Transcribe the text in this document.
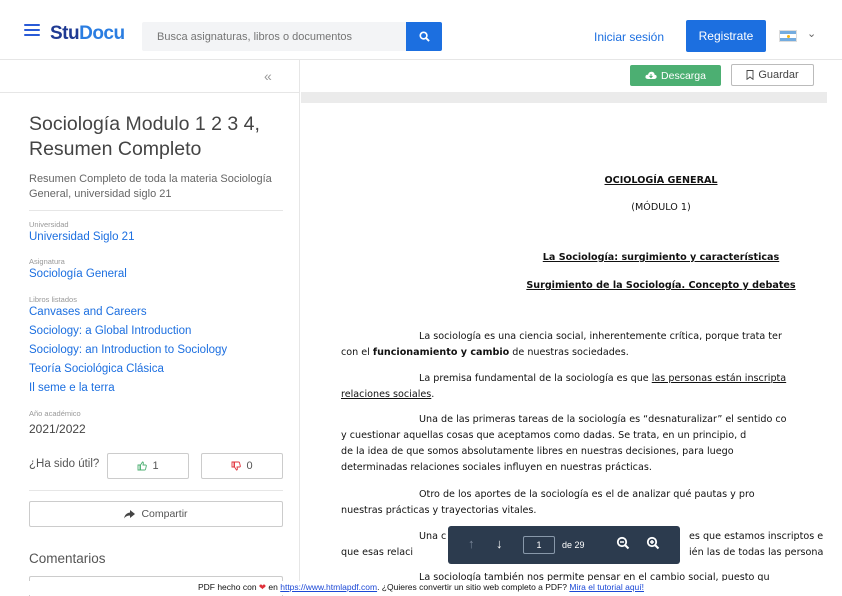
StuDocu
Busca asignaturas, libros o documentos	Iniciar sesión	Registrate	⌄
«
Sociología Modulo 1 2 3 4, Resumen Completo
Resumen Completo de toda la materia Sociología General, universidad siglo 21
Universidad
Universidad Siglo 21
Asignatura
Sociología General
Libros listados
Canvases and Careers
Sociology: a Global Introduction
Sociology: an Introduction to Sociology
Teoría Sociológica Clásica
Il seme e la terra
Año académico
2021/2022
¿Ha sido útil?	1	0
Compartir
Comentarios
Descarga	Guardar
OCIOLOGÍA GENERAL
(MÓDULO 1)
La Sociología: surgimiento y características
Surgimiento de la Sociología. Concepto y debates
La sociología es una ciencia social, inherentemente crítica, porque trata ter
con el funcionamiento y cambio de nuestras sociedades.
La premisa fundamental de la sociología es que las personas están inscripta
relaciones sociales.
Una de las primeras tareas de la sociología es “desnaturalizar” el sentido co
y cuestionar aquellas cosas que aceptamos como dadas. Se trata, en un principio, d
de la idea de que somos absolutamente libres en nuestras decisiones, para luego
determinadas relaciones sociales influyen en nuestras prácticas.
Otro de los aportes de la sociología es el de analizar qué pautas y pro
nuestras prácticas y trayectorias vitales.
Una c	es que estamos inscriptos e
que esas relaci	ién las de todas las persona
La sociología también nos permite pensar en el cambio social, puesto qu
↑ ↓	1	de 29
PDF hecho con ❤ en https://www.htmlapdf.com. ¿Quieres convertir un sitio web completo a PDF? Mira el tutorial aquí!
